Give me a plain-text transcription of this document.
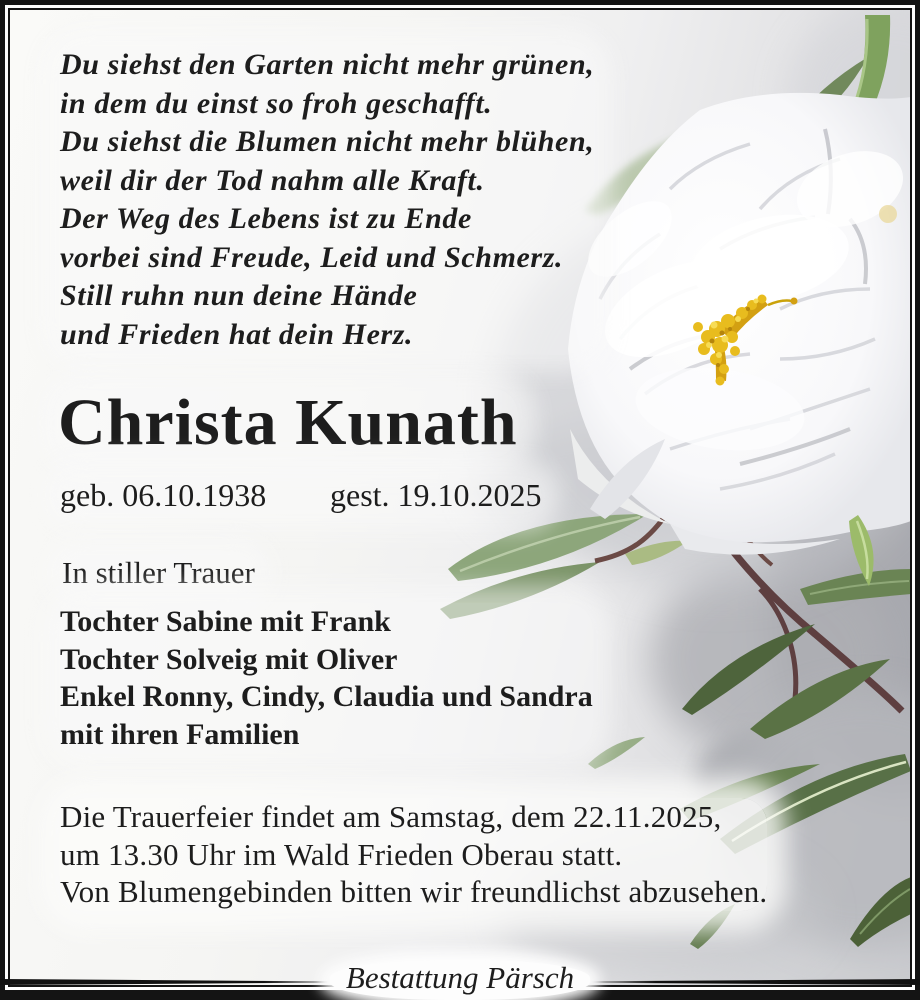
Du siehst den Garten nicht mehr grünen,
in dem du einst so froh geschafft.
Du siehst die Blumen nicht mehr blühen,
weil dir der Tod nahm alle Kraft.
Der Weg des Lebens ist zu Ende
vorbei sind Freude, Leid und Schmerz.
Still ruhn nun deine Hände
und Frieden hat dein Herz.
Christa Kunath
geb. 06.10.1938 gest. 19.10.2025
In stiller Trauer
Tochter Sabine mit Frank
Tochter Solveig mit Oliver
Enkel Ronny, Cindy, Claudia und Sandra
mit ihren Familien
Die Trauerfeier findet am Samstag, dem 22.11.2025,
um 13.30 Uhr im Wald Frieden Oberau statt.
Von Blumengebinden bitten wir freundlichst abzusehen.
Bestattung Pärsch
